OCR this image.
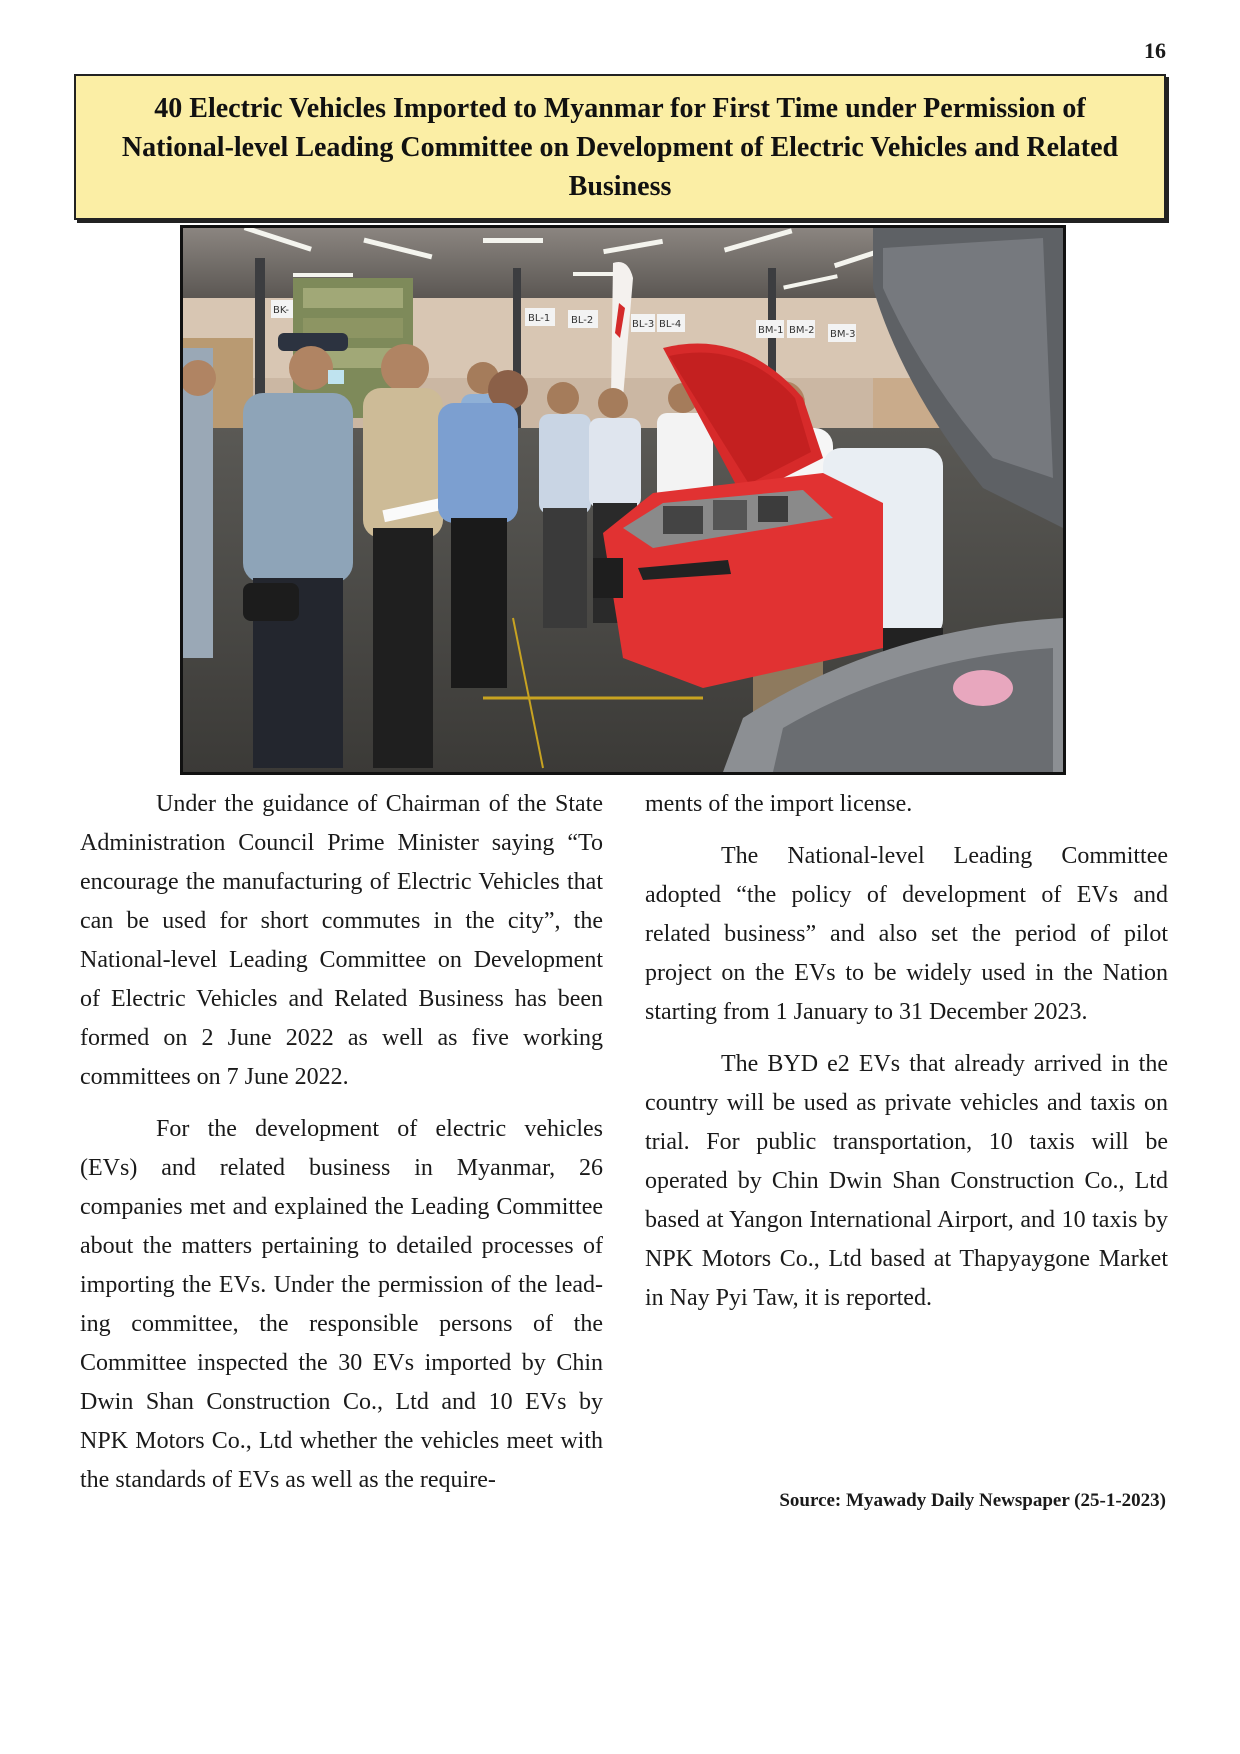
16
40 Electric Vehicles Imported to Myanmar for First Time under Permission of National-level Leading Committee on Development of Electric Vehicles and Related Business
BK-
BL-1 BL-2	BL-3 BL-4
BM-1 BM-2 BM-3

Under the guidance of Chairman of the State Administration Council Prime Minister saying “To encourage the manufacturing of Electric Vehicles that can be used for short commutes in the city”, the National-level Leading Committee on Development of Electric Vehicles and Related Business has been formed on 2 June 2022 as well as five working committees on 7 June 2022.

For the development of electric vehicles (EVs) and related business in Myanmar, 26 companies met and explained the Leading Committee about the matters pertaining to detailed processes of importing the EVs. Under the permission of the leading committee, the responsible persons of the Committee inspected the 30 EVs imported by Chin Dwin Shan Construction Co., Ltd and 10 EVs by NPK Motors Co., Ltd whether the vehicles meet with the standards of EVs as well as the require-

ments of the import license.

The National-level Leading Committee adopted “the policy of development of EVs and related business” and also set the period of pilot project on the EVs to be widely used in the Nation starting from 1 January to 31 December 2023.

The BYD e2 EVs that already arrived in the country will be used as private vehicles and taxis on trial. For public transportation, 10 taxis will be operated by Chin Dwin Shan Construction Co., Ltd based at Yangon International Airport, and 10 taxis by NPK Motors Co., Ltd based at Thapyaygone Market in Nay Pyi Taw, it is reported.

Source: Myawady Daily Newspaper (25-1-2023)
